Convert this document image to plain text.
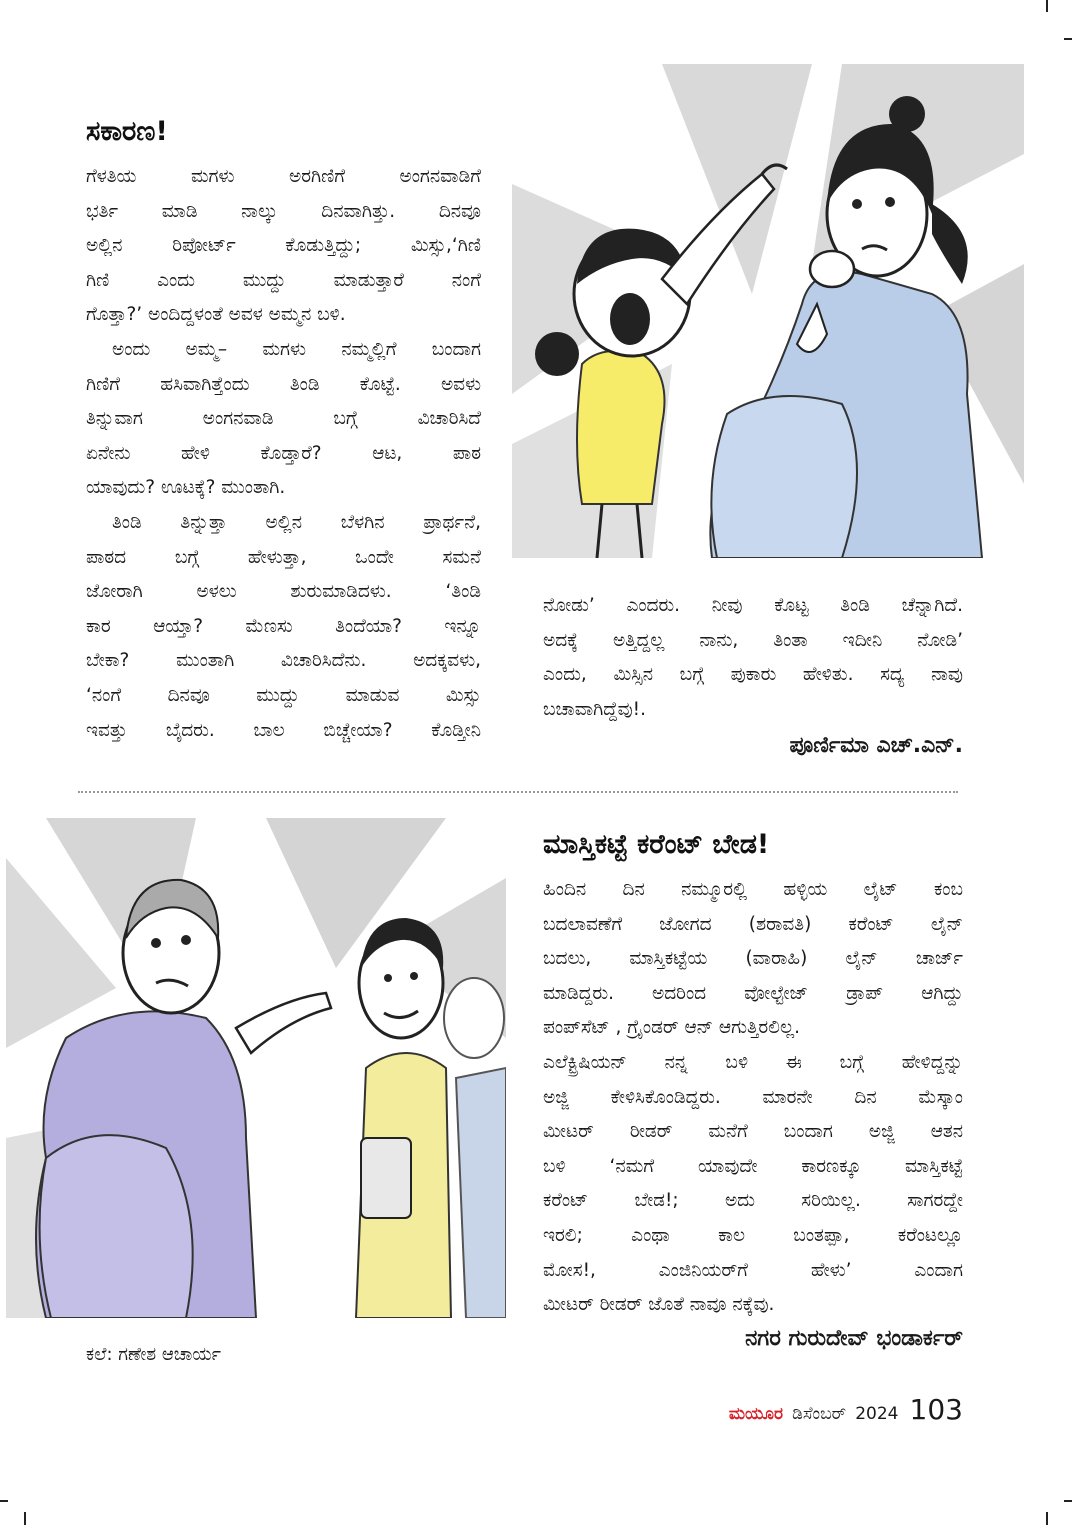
ಸಕಾರಣ!
ಗೆಳತಿಯ ಮಗಳು ಅರಗಿಣಿಗೆ ಅಂಗನವಾಡಿಗೆ
ಭರ್ತಿ ಮಾಡಿ ನಾಲ್ಕು ದಿನವಾಗಿತ್ತು. ದಿನವೂ
ಅಲ್ಲಿನ ರಿಪೋರ್ಟ್ ಕೊಡುತ್ತಿದ್ದು; ಮಿಸ್ಸು,‘ಗಿಣಿ
ಗಿಣಿ ಎಂದು ಮುದ್ದು ಮಾಡುತ್ತಾರೆ ನಂಗೆ
ಗೊತ್ತಾ?’ ಅಂದಿದ್ದಳಂತೆ ಅವಳ ಅಮ್ಮನ ಬಳಿ.
ಅಂದು ಅಮ್ಮ– ಮಗಳು ನಮ್ಮಲ್ಲಿಗೆ ಬಂದಾಗ
ಗಿಣಿಗೆ ಹಸಿವಾಗಿತ್ತೆಂದು ತಿಂಡಿ ಕೊಟ್ಟೆ. ಅವಳು
ತಿನ್ನುವಾಗ ಅಂಗನವಾಡಿ ಬಗ್ಗೆ ವಿಚಾರಿಸಿದೆ
ಏನೇನು ಹೇಳಿ ಕೊಡ್ತಾರೆ? ಆಟ, ಪಾಠ
ಯಾವುದು? ಊಟಕ್ಕೆ? ಮುಂತಾಗಿ.
ತಿಂಡಿ ತಿನ್ನುತ್ತಾ ಅಲ್ಲಿನ ಬೆಳಗಿನ ಪ್ರಾರ್ಥನೆ,
ಪಾಠದ ಬಗ್ಗೆ ಹೇಳುತ್ತಾ, ಒಂದೇ ಸಮನೆ
ಜೋರಾಗಿ ಅಳಲು ಶುರುಮಾಡಿದಳು. ‘ತಿಂಡಿ
ಕಾರ ಆಯ್ತಾ? ಮೆಣಸು ತಿಂದೆಯಾ? ಇನ್ನೂ
ಬೇಕಾ? ಮುಂತಾಗಿ ವಿಚಾರಿಸಿದೆನು. ಅದಕ್ಕವಳು,
‘ನಂಗೆ ದಿನವೂ ಮುದ್ದು ಮಾಡುವ ಮಿಸ್ಸು
ಇವತ್ತು ಬೈದರು. ಬಾಲ ಬಿಚ್ಚೇಯಾ? ಕೊಡ್ತೀನಿ
ನೋಡು’ ಎಂದರು. ನೀವು ಕೊಟ್ಟ ತಿಂಡಿ ಚೆನ್ನಾಗಿದೆ.
ಅದಕ್ಕೆ ಅತ್ತಿದ್ದಲ್ಲ ನಾನು, ತಿಂತಾ ಇದೀನಿ ನೋಡಿ’
ಎಂದು, ಮಿಸ್ಸಿನ ಬಗ್ಗೆ ಪುಕಾರು ಹೇಳಿತು. ಸದ್ಯ ನಾವು
ಬಚಾವಾಗಿದ್ದೆವು!.
ಪೂರ್ಣಿಮಾ ಎಚ್.ಎನ್.
ಮಾಸ್ತಿಕಟ್ಟೆ ಕರೆಂಟ್ ಬೇಡ!
ಹಿಂದಿನ ದಿನ ನಮ್ಮೂರಲ್ಲಿ ಹಳ್ಳಿಯ ಲೈಟ್ ಕಂಬ
ಬದಲಾವಣೆಗೆ ಜೋಗದ (ಶರಾವತಿ) ಕರೆಂಟ್ ಲೈನ್
ಬದಲು, ಮಾಸ್ತಿಕಟ್ಟೆಯ (ವಾರಾಹಿ) ಲೈನ್ ಚಾರ್ಜ್
ಮಾಡಿದ್ದರು. ಅದರಿಂದ ವೋಲ್ಟೇಜ್ ಡ್ರಾಪ್ ಆಗಿದ್ದು
ಪಂಪ್‌ಸೆಟ್ , ಗ್ರೈಂಡರ್ ಆನ್ ಆಗುತ್ತಿರಲಿಲ್ಲ.
ಎಲೆಕ್ಟ್ರಿಷಿಯನ್ ನನ್ನ ಬಳಿ ಈ ಬಗ್ಗೆ ಹೇಳಿದ್ದನ್ನು
ಅಜ್ಜಿ ಕೇಳಿಸಿಕೊಂಡಿದ್ದರು. ಮಾರನೇ ದಿನ ಮೆಸ್ಕಾಂ
ಮೀಟರ್ ರೀಡರ್ ಮನೆಗೆ ಬಂದಾಗ ಅಜ್ಜಿ ಆತನ
ಬಳಿ ‘ನಮಗೆ ಯಾವುದೇ ಕಾರಣಕ್ಕೂ ಮಾಸ್ತಿಕಟ್ಟೆ
ಕರೆಂಟ್ ಬೇಡ!; ಅದು ಸರಿಯಿಲ್ಲ. ಸಾಗರದ್ದೇ
ಇರಲಿ; ಎಂಥಾ ಕಾಲ ಬಂತಪ್ಪಾ, ಕರೆಂಟಲ್ಲೂ
ಮೋಸ!, ಎಂಜಿನಿಯರ್‌ಗೆ ಹೇಳು’ ಎಂದಾಗ
ಮೀಟರ್ ರೀಡರ್ ಜೊತೆ ನಾವೂ ನಕ್ಕೆವು.
ನಗರ ಗುರುದೇವ್ ಭಂಡಾರ್ಕರ್
ಕಲೆ: ಗಣೇಶ ಆಚಾರ್ಯ
ಮಯೂರ ಡಿಸೆಂಬರ್ 2024 103
